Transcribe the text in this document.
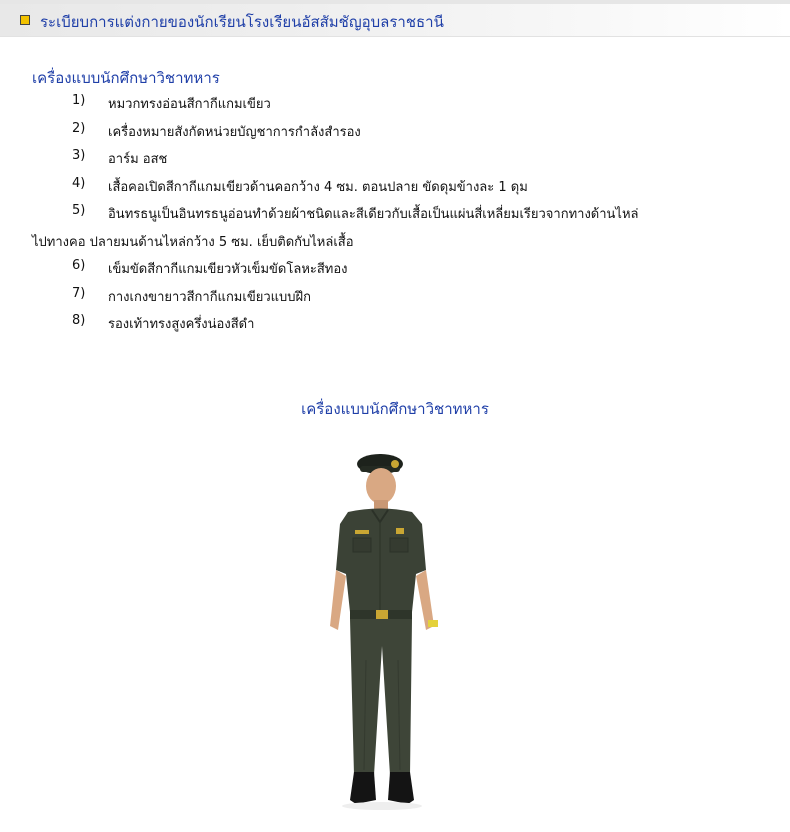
ระเบียบการแต่งกายของนักเรียนโรงเรียนอัสสัมชัญอุบลราชธานี
เครื่องแบบนักศึกษาวิชาทหาร
1) หมวกทรงอ่อนสีกากีแกมเขียว
2) เครื่องหมายสังกัดหน่วยบัญชาการกำลังสำรอง
3) อาร์ม อสช
4) เสื้อคอเปิดสีกากีแกมเขียวด้านคอกว้าง 4 ซม. ตอนปลาย ขัดดุมข้างละ 1 ดุม
5) อินทรธนูเป็นอินทรธนูอ่อนทำด้วยผ้าชนิดและสีเดียวกับเสื้อเป็นแผ่นสี่เหลี่ยมเรียวจากทางด้านไหล่
ไปทางคอ ปลายมนด้านไหล่กว้าง 5 ซม. เย็บติดกับไหล่เสื้อ
6) เข็มขัดสีกากีแกมเขียวหัวเข็มขัดโลหะสีทอง
7) กางเกงขายาวสีกากีแกมเขียวแบบฝึก
8) รองเท้าทรงสูงครึ่งน่องสีดำ
เครื่องแบบนักศึกษาวิชาทหาร
